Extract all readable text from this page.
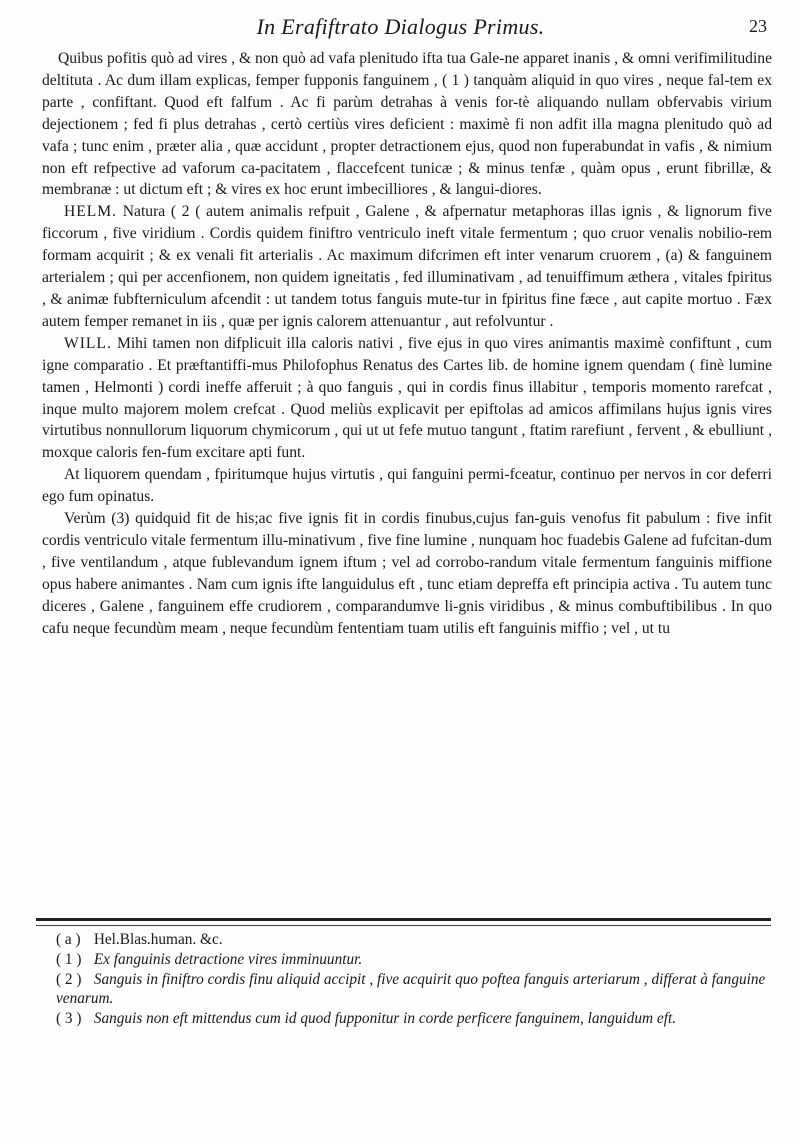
In Erafiftrato Dialogus Primus.	23

Quibus pofitis quò ad vires , & non quò ad vafa plenitudo ifta tua Gale-ne apparet inanis , & omni verifimilitudine deltituta . Ac dum illam explicas, femper fupponis fanguinem , ( 1 ) tanquàm aliquid in quo vires , neque fal-tem ex parte , confiftant. Quod eft falfum . Ac fi parùm detrahas à venis for-tè aliquando nullam obfervabis virium dejectionem ; fed fi plus detrahas , certò certiùs vires deficient : maximè fi non adfit illa magna plenitudo quò ad vafa ; tunc enim , præter alia , quæ accidunt , propter detractionem ejus, quod non fuperabundat in vafis , & nimium non eft refpective ad vaforum ca-pacitatem , flaccefcent tunicæ ; & minus tenfæ , quàm opus , erunt fibrillæ, & membranæ : ut dictum eft ; & vires ex hoc erunt imbecilliores , & langui-diores.

HELM. Natura ( 2 ( autem animalis refpuit , Galene , & afpernatur metaphoras illas ignis , & lignorum five ficcorum , five viridium . Cordis quidem finiftro ventriculo ineft vitale fermentum ; quo cruor venalis nobilio-rem formam acquirit ; & ex venali fit arterialis . Ac maximum difcrimen eft inter venarum cruorem , (a) & fanguinem arterialem ; qui per accenfionem, non quidem igneitatis , fed illuminativam , ad tenuiffimum æthera , vitales fpiritus , & animæ fubfterniculum afcendit : ut tandem totus fanguis mute-tur in fpiritus fine fæce , aut capite mortuo . Fæx autem femper remanet in iis , quæ per ignis calorem attenuantur , aut refolvuntur .

WILL. Mihi tamen non difplicuit illa caloris nativi , five ejus in quo vires animantis maximè confiftunt , cum igne comparatio . Et præftantiffi-mus Philofophus Renatus des Cartes lib. de homine ignem quendam ( finè lumine tamen , Helmonti ) cordi ineffe afferuit ; à quo fanguis , qui in cordis finus illabitur , temporis momento rarefcat , inque multo majorem molem crefcat . Quod meliùs explicavit per epiftolas ad amicos affimilans hujus ignis vires virtutibus nonnullorum liquorum chymicorum , qui ut ut fefe mutuo tangunt , ftatim rarefiunt , fervent , & ebulliunt , moxque caloris fen-fum excitare apti funt.

At liquorem quendam , fpiritumque hujus virtutis , qui fanguini permi-fceatur, continuo per nervos in cor deferri ego fum opinatus.

Verùm (3) quidquid fit de his;ac five ignis fit in cordis finubus,cujus fan-guis venofus fit pabulum : five infit cordis ventriculo vitale fermentum illu-minativum , five fine lumine , nunquam hoc fuadebis Galene ad fufcitan-dum , five ventilandum , atque fublevandum ignem iftum ; vel ad corrobo-randum vitale fermentum fanguinis miffione opus habere animantes . Nam cum ignis ifte languidulus eft , tunc etiam depreffa eft principia activa . Tu autem tunc diceres , Galene , fanguinem effe crudiorem , comparandumve li-gnis viridibus , & minus combuftibilibus . In quo cafu neque fecundùm meam , neque fecundùm fententiam tuam utilis eft fanguinis miffio ; vel , ut tu

( a ) Hel.Blas.human. &c.

( 1 ) Ex fanguinis detractione vires imminuuntur.

( 2 ) Sanguis in finiftro cordis finu aliquid accipit , five acquirit quo poftea fanguis arteriarum , differat à fanguine venarum.

( 3 ) Sanguis non eft mittendus cum id quod fupponitur in corde perficere fanguinem, languidum eft.
